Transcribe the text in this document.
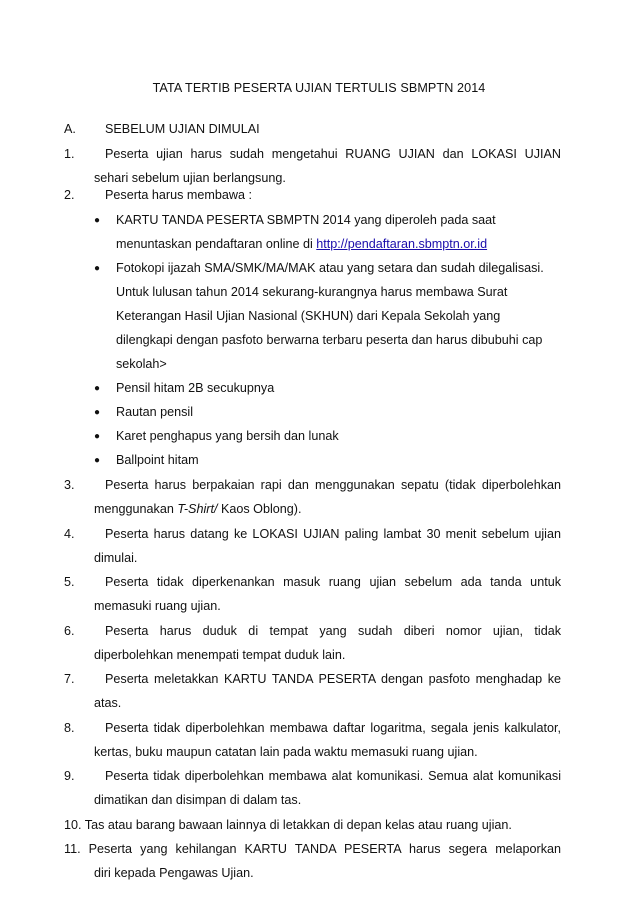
TATA TERTIB PESERTA UJIAN TERTULIS SBMPTN 2014
A. SEBELUM UJIAN DIMULAI
1. Peserta ujian harus sudah mengetahui RUANG UJIAN dan LOKASI UJIAN
sehari sebelum ujian berlangsung.
2. Peserta harus membawa :
● KARTU TANDA PESERTA SBMPTN 2014 yang diperoleh pada saat
menuntaskan pendaftaran online di http://pendaftaran.sbmptn.or.id
● Fotokopi ijazah SMA/SMK/MA/MAK atau yang setara dan sudah dilegalisasi.
Untuk lulusan tahun 2014 sekurang-kurangnya harus membawa Surat
Keterangan Hasil Ujian Nasional (SKHUN) dari Kepala Sekolah yang
dilengkapi dengan pasfoto berwarna terbaru peserta dan harus dibubuhi cap
sekolah>
● Pensil hitam 2B secukupnya
● Rautan pensil
● Karet penghapus yang bersih dan lunak
● Ballpoint hitam
3. Peserta harus berpakaian rapi dan menggunakan sepatu (tidak diperbolehkan
menggunakan T-Shirt/ Kaos Oblong).
4. Peserta harus datang ke LOKASI UJIAN paling lambat 30 menit sebelum ujian
dimulai.
5. Peserta tidak diperkenankan masuk ruang ujian sebelum ada tanda untuk
memasuki ruang ujian.
6. Peserta harus duduk di tempat yang sudah diberi nomor ujian, tidak
diperbolehkan menempati tempat duduk lain.
7. Peserta meletakkan KARTU TANDA PESERTA dengan pasfoto menghadap ke
atas.
8. Peserta tidak diperbolehkan membawa daftar logaritma, segala jenis kalkulator,
kertas, buku maupun catatan lain pada waktu memasuki ruang ujian.
9. Peserta tidak diperbolehkan membawa alat komunikasi. Semua alat komunikasi
dimatikan dan disimpan di dalam tas.
10. Tas atau barang bawaan lainnya di letakkan di depan kelas atau ruang ujian.
11. Peserta yang kehilangan KARTU TANDA PESERTA harus segera melaporkan
diri kepada Pengawas Ujian.
